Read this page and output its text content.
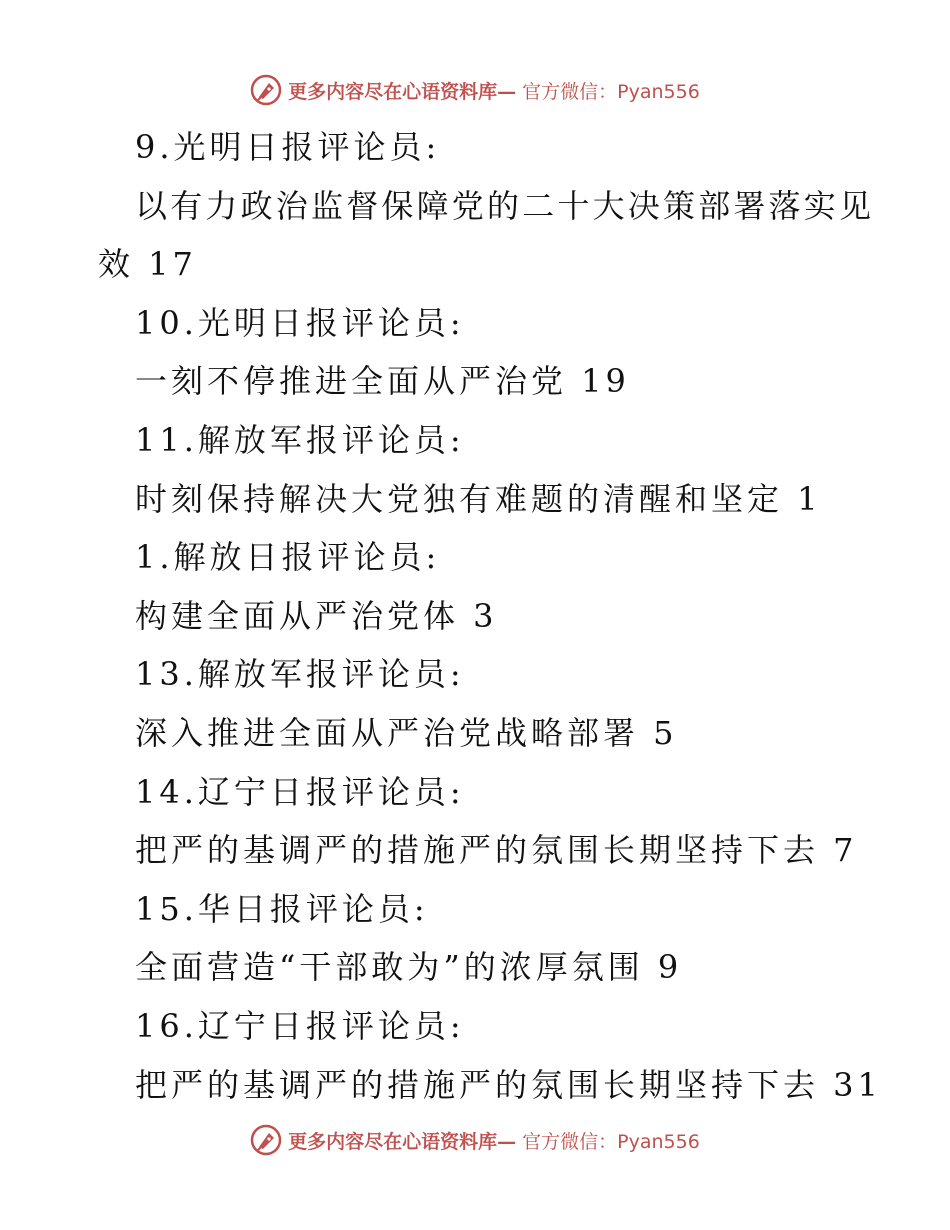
更多内容尽在心语资料库— 官方微信：Pyan556
9.光明日报评论员:
以有力政治监督保障党的二十大决策部署落实见
效 17
10.光明日报评论员:
一刻不停推进全面从严治党 19
11.解放军报评论员:
时刻保持解决大党独有难题的清醒和坚定 1
1.解放日报评论员:
构建全面从严治党体 3
13.解放军报评论员:
深入推进全面从严治党战略部署 5
14.辽宁日报评论员:
把严的基调严的措施严的氛围长期坚持下去 7
15.华日报评论员:
全面营造“干部敢为”的浓厚氛围 9
16.辽宁日报评论员:
把严的基调严的措施严的氛围长期坚持下去 31
更多内容尽在心语资料库— 官方微信：Pyan556
